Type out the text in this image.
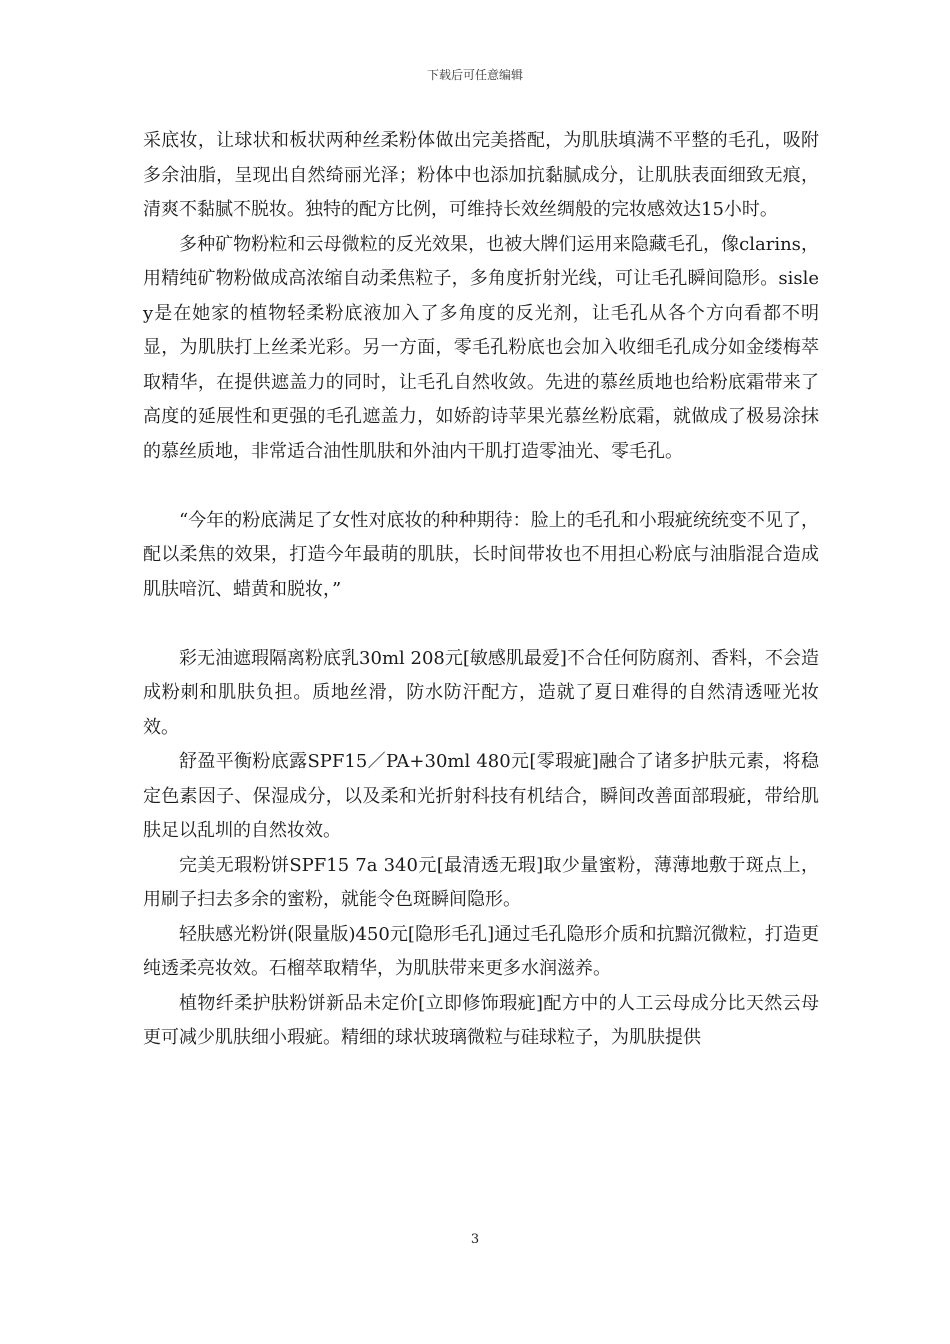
下载后可任意编辑

采底妆，让球状和板状两种丝柔粉体做出完美搭配，为肌肤填满不平整的毛孔，吸附多余油脂，呈现出自然绮丽光泽；粉体中也添加抗黏腻成分，让肌肤表面细致无痕，清爽不黏腻不脱妆。独特的配方比例，可维持长效丝绸般的完妆感效达15小时。

多种矿物粉粒和云母微粒的反光效果，也被大牌们运用来隐藏毛孔，像clarins，用精纯矿物粉做成高浓缩自动柔焦粒子，多角度折射光线，可让毛孔瞬间隐形。sisley是在她家的植物轻柔粉底液加入了多角度的反光剂，让毛孔从各个方向看都不明显，为肌肤打上丝柔光彩。另一方面，零毛孔粉底也会加入收细毛孔成分如金缕梅萃取精华，在提供遮盖力的同时，让毛孔自然收敛。先进的慕丝质地也给粉底霜带来了高度的延展性和更强的毛孔遮盖力，如娇韵诗苹果光慕丝粉底霜，就做成了极易涂抹的慕丝质地，非常适合油性肌肤和外油内干肌打造零油光、零毛孔。

“今年的粉底满足了女性对底妆的种种期待：脸上的毛孔和小瑕疵统统变不见了，配以柔焦的效果，打造今年最萌的肌肤，长时间带妆也不用担心粉底与油脂混合造成肌肤喑沉、蜡黄和脱妆，”

彩无油遮瑕隔离粉底乳30ml 208元[敏感肌最爱]不合任何防腐剂、香料，不会造成粉刺和肌肤负担。质地丝滑，防水防汗配方，造就了夏日难得的自然清透哑光妆效。

舒盈平衡粉底露SPF15／PA+30ml 480元[零瑕疵]融合了诸多护肤元素，将稳定色素因子、保湿成分，以及柔和光折射科技有机结合，瞬间改善面部瑕疵，带给肌肤足以乱圳的自然妆效。

完美无瑕粉饼SPF15 7a 340元[最清透无瑕]取少量蜜粉，薄薄地敷于斑点上，用刷子扫去多余的蜜粉，就能令色斑瞬间隐形。

轻肤感光粉饼(限量版)450元[隐形毛孔]通过毛孔隐形介质和抗黯沉微粒，打造更纯透柔亮妆效。石榴萃取精华，为肌肤带来更多水润滋养。

植物纤柔护肤粉饼新品未定价[立即修饰瑕疵]配方中的人工云母成分比天然云母更可减少肌肤细小瑕疵。精细的球状玻璃微粒与硅球粒子，为肌肤提供

3
